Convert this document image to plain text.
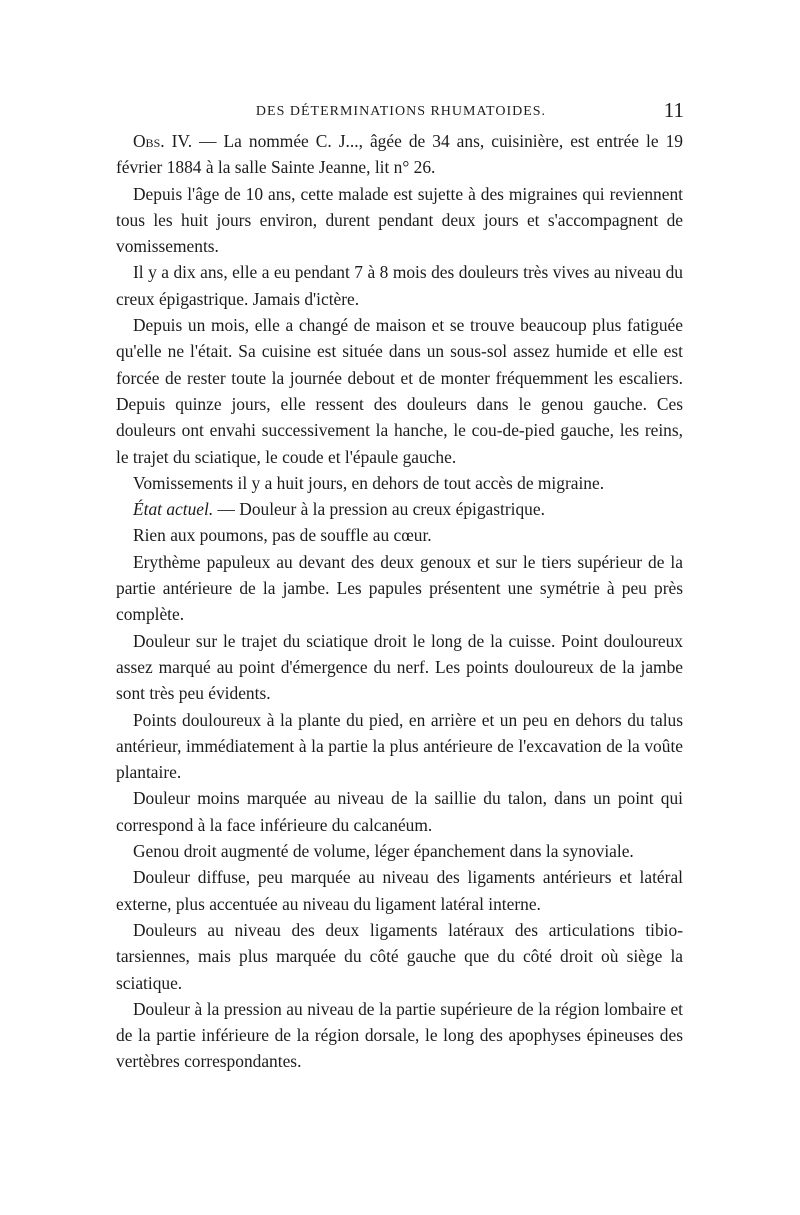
DES DÉTERMINATIONS RHUMATOIDES.	11

Obs. IV. — La nommée C. J..., âgée de 34 ans, cuisinière, est entrée le 19 février 1884 à la salle Sainte Jeanne, lit n° 26.

Depuis l'âge de 10 ans, cette malade est sujette à des migraines qui reviennent tous les huit jours environ, durent pendant deux jours et s'accompagnent de vomissements.

Il y a dix ans, elle a eu pendant 7 à 8 mois des douleurs très vives au niveau du creux épigastrique. Jamais d'ictère.

Depuis un mois, elle a changé de maison et se trouve beaucoup plus fatiguée qu'elle ne l'était. Sa cuisine est située dans un sous-sol assez humide et elle est forcée de rester toute la journée debout et de monter fréquemment les escaliers. Depuis quinze jours, elle ressent des douleurs dans le genou gauche. Ces douleurs ont envahi successivement la hanche, le cou-de-pied gauche, les reins, le trajet du sciatique, le coude et l'épaule gauche.

Vomissements il y a huit jours, en dehors de tout accès de migraine.

État actuel. — Douleur à la pression au creux épigastrique.

Rien aux poumons, pas de souffle au cœur.

Erythème papuleux au devant des deux genoux et sur le tiers supérieur de la partie antérieure de la jambe. Les papules présentent une symétrie à peu près complète.

Douleur sur le trajet du sciatique droit le long de la cuisse. Point douloureux assez marqué au point d'émergence du nerf. Les points douloureux de la jambe sont très peu évidents.

Points douloureux à la plante du pied, en arrière et un peu en dehors du talus antérieur, immédiatement à la partie la plus antérieure de l'excavation de la voûte plantaire.

Douleur moins marquée au niveau de la saillie du talon, dans un point qui correspond à la face inférieure du calcanéum.

Genou droit augmenté de volume, léger épanchement dans la synoviale.

Douleur diffuse, peu marquée au niveau des ligaments antérieurs et latéral externe, plus accentuée au niveau du ligament latéral interne.

Douleurs au niveau des deux ligaments latéraux des articulations tibio-tarsiennes, mais plus marquée du côté gauche que du côté droit où siège la sciatique.

Douleur à la pression au niveau de la partie supérieure de la région lombaire et de la partie inférieure de la région dorsale, le long des apophyses épineuses des vertèbres correspondantes.
